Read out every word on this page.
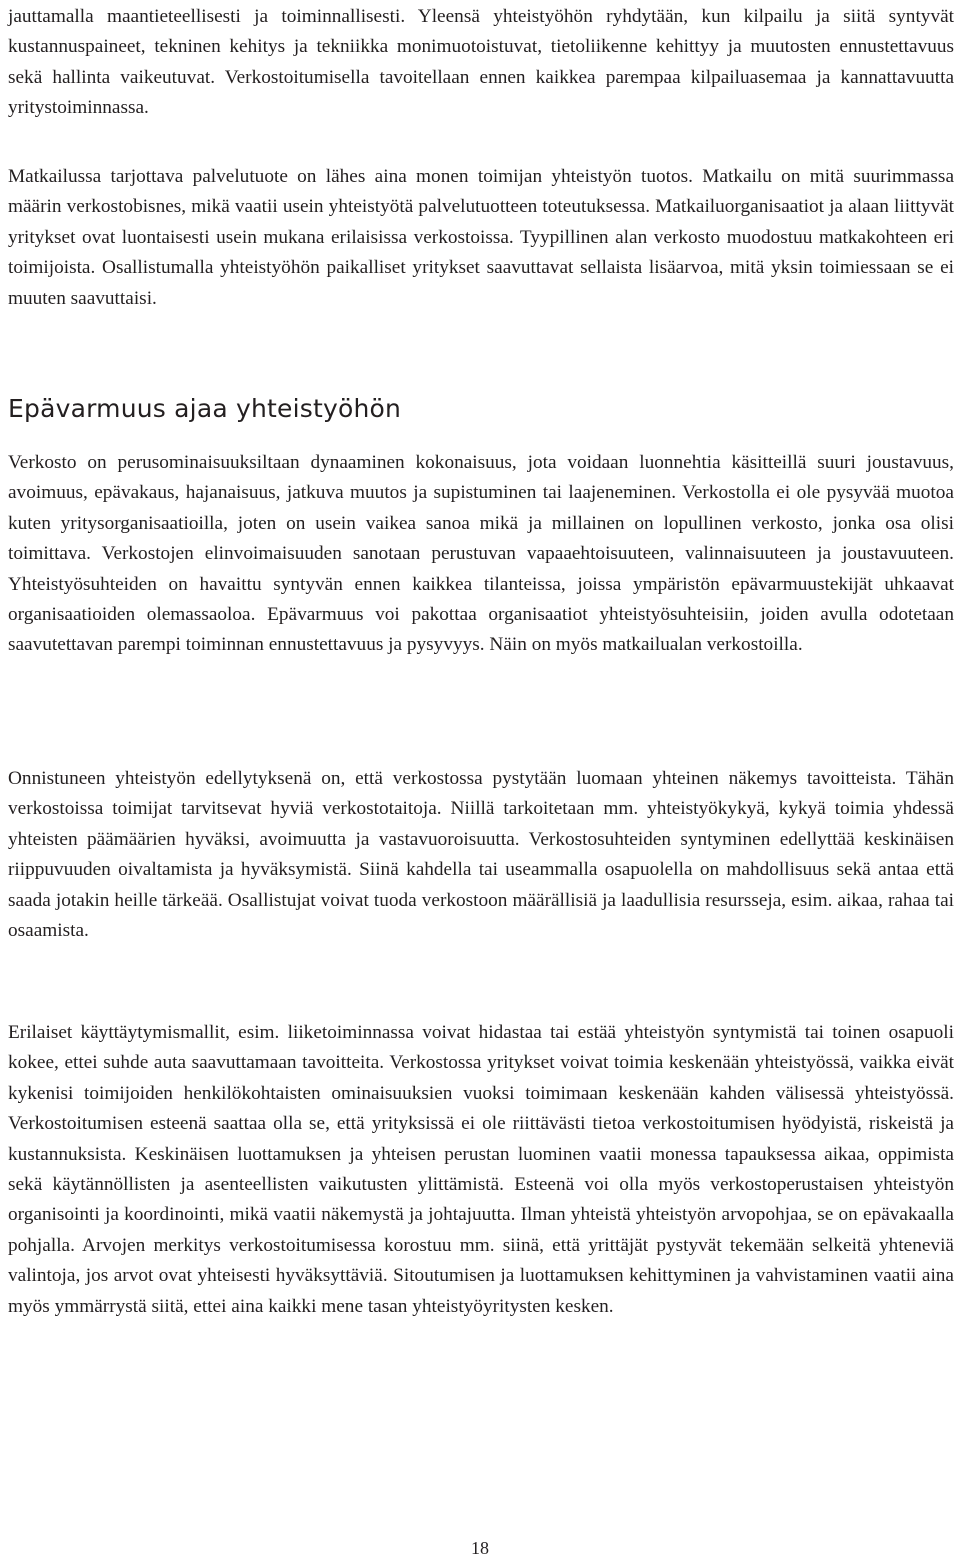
jauttamalla maantieteellisesti ja toiminnallisesti. Yleensä yhteistyöhön ryhdytään, kun kilpailu ja siitä syntyvät kustannuspaineet, tekninen kehitys ja tekniikka monimuotoistuvat, tietoliikenne kehittyy ja muutosten ennustettavuus sekä hallinta vaikeutuvat. Verkostoitumisella tavoitellaan ennen kaikkea parempaa kilpailuasemaa ja kannattavuutta yritystoiminnassa.

Matkailussa tarjottava palvelutuote on lähes aina monen toimijan yhteistyön tuotos. Matkailu on mitä suurimmassa määrin verkostobisnes, mikä vaatii usein yhteistyötä palvelutuotteen toteutuksessa. Matkailuorganisaatiot ja alaan liittyvät yritykset ovat luontaisesti usein mukana erilaisissa verkostoissa. Tyypillinen alan verkosto muodostuu matkakohteen eri toimijoista. Osallistumalla yhteistyöhön paikalliset yritykset saavuttavat sellaista lisäarvoa, mitä yksin toimiessaan se ei muuten saavuttaisi.

Epävarmuus ajaa yhteistyöhön

Verkosto on perusominaisuuksiltaan dynaaminen kokonaisuus, jota voidaan luonnehtia käsitteillä suuri joustavuus, avoimuus, epävakaus, hajanaisuus, jatkuva muutos ja supistuminen tai laajeneminen. Verkostolla ei ole pysyvää muotoa kuten yritysorganisaatioilla, joten on usein vaikea sanoa mikä ja millainen on lopullinen verkosto, jonka osa olisi toimittava. Verkostojen elinvoimaisuuden sanotaan perustuvan vapaaehtoisuuteen, valinnaisuuteen ja joustavuuteen. Yhteistyösuhteiden on havaittu syntyvän ennen kaikkea tilanteissa, joissa ympäristön epävarmuustekijät uhkaavat organisaatioiden olemassaoloa. Epävarmuus voi pakottaa organisaatiot yhteistyösuhteisiin, joiden avulla odotetaan saavutettavan parempi toiminnan ennustettavuus ja pysyvyys. Näin on myös matkailualan verkostoilla.

Onnistuneen yhteistyön edellytyksenä on, että verkostossa pystytään luomaan yhteinen näkemys tavoitteista. Tähän verkostoissa toimijat tarvitsevat hyviä verkostotaitoja. Niillä tarkoitetaan mm. yhteistyökykyä, kykyä toimia yhdessä yhteisten päämäärien hyväksi, avoimuutta ja vastavuoroisuutta. Verkostosuhteiden syntyminen edellyttää keskinäisen riippuvuuden oivaltamista ja hyväksymistä. Siinä kahdella tai useammalla osapuolella on mahdollisuus sekä antaa että saada jotakin heille tärkeää. Osallistujat voivat tuoda verkostoon määrällisiä ja laadullisia resursseja, esim. aikaa, rahaa tai osaamista.

Erilaiset käyttäytymismallit, esim. liiketoiminnassa voivat hidastaa tai estää yhteistyön syntymistä tai toinen osapuoli kokee, ettei suhde auta saavuttamaan tavoitteita. Verkostossa yritykset voivat toimia keskenään yhteistyössä, vaikka eivät kykenisi toimijoiden henkilökohtaisten ominaisuuksien vuoksi toimimaan keskenään kahden välisessä yhteistyössä. Verkostoitumisen esteenä saattaa olla se, että yrityksissä ei ole riittävästi tietoa verkostoitumisen hyödyistä, riskeistä ja kustannuksista. Keskinäisen luottamuksen ja yhteisen perustan luominen vaatii monessa tapauksessa aikaa, oppimista sekä käytännöllisten ja asenteellisten vaikutusten ylittämistä. Esteenä voi olla myös verkostoperustaisen yhteistyön organisointi ja koordinointi, mikä vaatii näkemystä ja johtajuutta. Ilman yhteistä yhteistyön arvopohjaa, se on epävakaalla pohjalla. Arvojen merkitys verkostoitumisessa korostuu mm. siinä, että yrittäjät pystyvät tekemään selkeitä yhteneviä valintoja, jos arvot ovat yhteisesti hyväksyttäviä. Sitoutumisen ja luottamuksen kehittyminen ja vahvistaminen vaatii aina myös ymmärrystä siitä, ettei aina kaikki mene tasan yhteistyöyritysten kesken.

18
